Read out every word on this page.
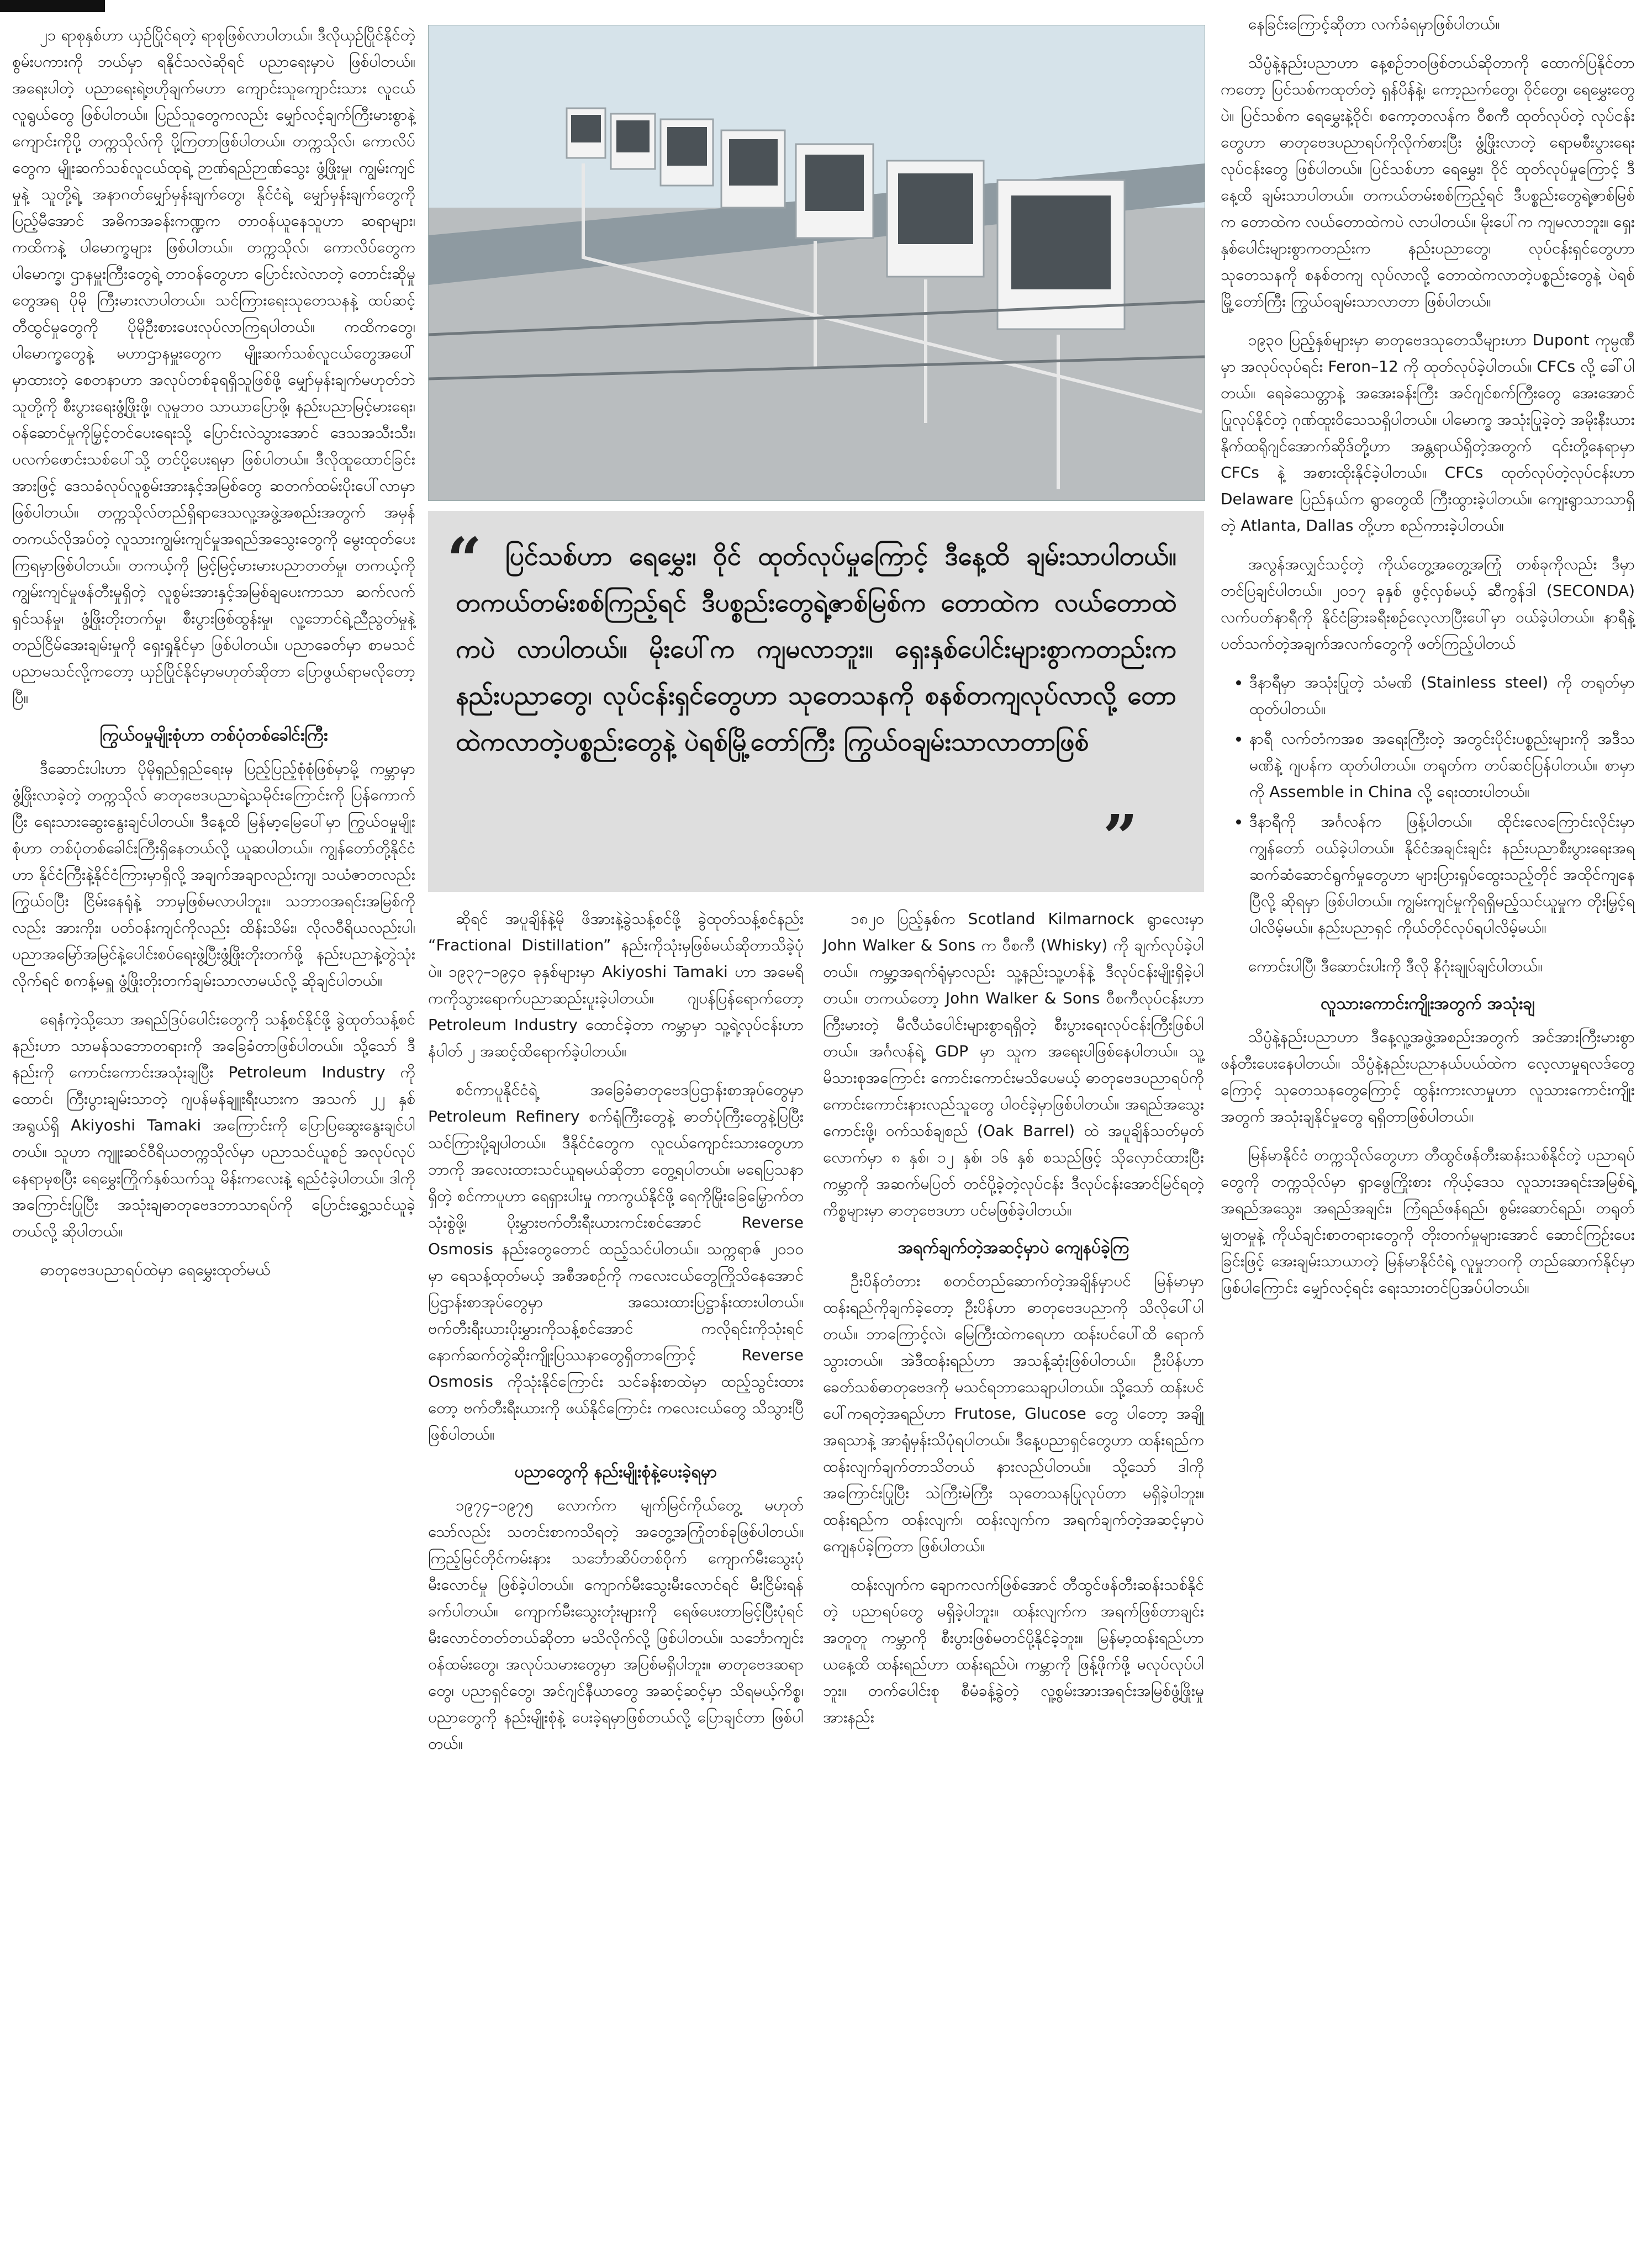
၂၁ ရာစုနှစ်ဟာ ယှဉ်ပြိုင်ရတဲ့ ရာစုဖြစ်လာပါတယ်။ ဒီလိုယှဉ်ပြိုင်နိုင်တဲ့ စွမ်းပကားကို ဘယ်မှာ ရနိုင်သလဲဆိုရင် ပညာရေးမှာပဲ ဖြစ်ပါတယ်။ အရေးပါတဲ့ ပညာရေးရဲ့ဗဟိုချက်မဟာ ကျောင်းသူကျောင်းသား လူငယ်လူရွယ်တွေ ဖြစ်ပါတယ်။ ပြည်သူတွေကလည်း မျှော်လင့်ချက်ကြီးမားစွာနဲ့ ကျောင်းကိုပို့ တက္ကသိုလ်ကို ပို့ကြတာဖြစ်ပါတယ်။ တက္ကသိုလ်၊ ကောလိပ်တွေက မျိုးဆက်သစ်လူငယ်ထုရဲ့ ဉာဏ်ရည်ဉာဏ်သွေး ဖွံ့ဖြိုးမှု၊ ကျွမ်းကျင်မှုနဲ့ သူတို့ရဲ့ အနာဂတ်မျှော်မှန်းချက်တွေ၊ နိုင်ငံရဲ့ မျှော်မှန်းချက်တွေကို ပြည့်မီအောင် အဓိကအခန်းကဏ္ဍက တာဝန်ယူနေသူဟာ ဆရာများ၊ ကထိကနဲ့ ပါမောက္ခများ ဖြစ်ပါတယ်။ တက္ကသိုလ်၊ ကောလိပ်တွေက ပါမောက္ခ၊ ဌာနမှူးကြီးတွေရဲ့ တာဝန်တွေဟာ ပြောင်းလဲလာတဲ့ တောင်းဆိုမှုတွေအရ ပိုမို ကြီးမားလာပါတယ်။ သင်ကြားရေးသုတေသနနဲ့ ထပ်ဆင့်တီထွင်မှုတွေကို ပိုမိုဦးစားပေးလုပ်လာကြရပါတယ်။ ကထိကတွေ၊ ပါမောက္ခတွေနဲ့ မဟာဌာနမှူးတွေက မျိုးဆက်သစ်လူငယ်တွေအပေါ်မှာထားတဲ့ စေတနာဟာ အလုပ်တစ်ခုရရှိသူဖြစ်ဖို့ မျှော်မှန်းချက်မဟုတ်ဘဲ သူတို့ကို စီးပွားရေးဖွံ့ဖြိုးဖို့၊ လူမှုဘဝ သာယာပြောဖို့၊ နည်းပညာမြင့်မားရေး၊ ဝန်ဆောင်မှုကိုမြှင့်တင်ပေးရေးသို့ ပြောင်းလဲသွားအောင် ဒေသအသီးသီး၊ ပလက်ဖောင်းသစ်ပေါ်သို့ တင်ပို့ပေးရမှာ ဖြစ်ပါတယ်။ ဒီလိုထူထောင်ခြင်းအားဖြင့် ဒေသခံလုပ်လူစွမ်းအားနှင့်အမြစ်တွေ ဆတက်ထမ်းပိုးပေါ်လာမှာဖြစ်ပါတယ်။ တက္ကသိုလ်တည်ရှိရာဒေသလူ့အဖွဲ့အစည်းအတွက် အမှန်တကယ်လိုအပ်တဲ့ လူသားကျွမ်းကျင်မှုအရည်အသွေးတွေကို မွေးထုတ်ပေးကြရမှာဖြစ်ပါတယ်။ တကယ့်ကို မြင့်မြင့်မားမားပညာတတ်မှု၊ တကယ့်ကို ကျွမ်းကျင်မှုဖန်တီးမှုရှိတဲ့ လူစွမ်းအားနှင့်အမြစ်ချပေးကာသာ ဆက်လက်ရှင်သန်မှု၊ ဖွံ့ဖြိုးတိုးတက်မှု၊ စီးပွားဖြစ်ထွန်းမှု၊ လူ့ဘောင်ရဲ့ညီညွတ်မှုနဲ့ တည်ငြိမ်အေးချမ်းမှုကို ရှေးရှုနိုင်မှာ ဖြစ်ပါတယ်။ ပညာခေတ်မှာ စာမသင်ပညာမသင်လို့ကတော့ ယှဉ်ပြိုင်နိုင်မှာမဟုတ်ဆိုတာ ပြောဖွယ်ရာမလိုတော့ပြီ။

ကြွယ်ဝမှုမျိုးစုံဟာ တစ်ပုံတစ်ခေါင်းကြီး

ဒီဆောင်းပါးဟာ ပိုမိုရှည်ရှည်ရေးမှ ပြည့်ပြည့်စုံစုံဖြစ်မှာမို့ ကမ္ဘာမှာ ဖွံ့ဖြိုးလာခဲ့တဲ့ တက္ကသိုလ် ဓာတုဗေဒပညာရဲ့သမိုင်းကြောင်းကို ပြန်ကောက်ပြီး ရေးသားဆွေးနွေးချင်ပါတယ်။ ဒီနေ့ထိ မြန်မာ့မြေပေါ်မှာ ကြွယ်ဝမှုမျိုးစုံဟာ တစ်ပုံတစ်ခေါင်းကြီးရှိနေတယ်လို့ ယူဆပါတယ်။ ကျွန်တော်တို့နိုင်ငံဟာ နိုင်ငံကြီးနဲ့နိုင်ငံကြားမှာရှိလို့ အချက်အချာလည်းကျ၊ သယံဇာတလည်းကြွယ်ဝပြီး ငြိမ်းနေရုံနဲ့ ဘာမှဖြစ်မလာပါဘူး။ သဘာဝအရင်းအမြစ်ကို လည်း အားကိုး၊ ပတ်ဝန်းကျင်ကိုလည်း ထိန်းသိမ်း၊ လိုလဝီရိယလည်းပါ၊ ပညာအမြော်အမြင်နဲ့ပေါင်းစပ်ရေးဖွဲ့ပြီးဖွံ့ဖြိုးတိုးတက်ဖို့ နည်းပညာနဲ့တွဲသုံးလိုက်ရင် စကန့်မရှူ ဖွံ့ဖြိုးတိုးတက်ချမ်းသာလာမယ်လို့ ဆိုချင်ပါတယ်။

ရေနံကဲ့သို့သော အရည်ဒြပ်ပေါင်းတွေကို သန့်စင်နိုင်ဖို့ ခွဲထုတ်သန့်စင်နည်းဟာ သာမန်သဘောတရားကို အခြေခံတာဖြစ်ပါတယ်။ သို့သော် ဒီနည်းကို ကောင်းကောင်းအသုံးချပြီး Petroleum Industry ကိုထောင်၊ ကြီးပွားချမ်းသာတဲ့ ဂျပန်မန်ချူးရီးယားက အသက် ၂၂ နှစ်အရွယ်ရှိ Akiyoshi Tamaki အကြောင်းကို ပြောပြဆွေးနွေးချင်ပါတယ်။ သူဟာ ကျူးဆင်ဝီရိယတက္ကသိုလ်မှာ ပညာသင်ယူစဉ် အလုပ်လုပ်နေရာမှစပြီး ရေမွှေးကြိုက်နှစ်သက်သူ မိန်းကလေးနဲ့ ရည်ငံခဲ့ပါတယ်။ ဒါကို အကြောင်းပြုပြီး အသုံးချဓာတုဗေဒဘာသာရပ်ကို ပြောင်းရွှေ့သင်ယူခဲ့တယ်လို့ ဆိုပါတယ်။

ဓာတုဗေဒပညာရပ်ထဲမှာ ရေမွှေးထုတ်မယ်

“ ပြင်သစ်ဟာ ရေမွှေး၊ ဝိုင် ထုတ်လုပ်မှုကြောင့် ဒီနေ့ထိ ချမ်းသာပါတယ်။ တကယ်တမ်းစစ်ကြည့်ရင် ဒီပစ္စည်းတွေရဲ့ဇာစ်မြစ်က တောထဲက လယ်တောထဲကပဲ လာပါတယ်။ မိုးပေါ်က ကျမလာဘူး။ ရှေးနှစ်ပေါင်းများစွာကတည်းက နည်းပညာတွေ၊ လုပ်ငန်းရှင်တွေဟာ သုတေသနကို စနစ်တကျလုပ်လာလို့ တောထဲကလာတဲ့ပစ္စည်းတွေနဲ့ ပဲရစ်မြို့တော်ကြီး ကြွယ်ဝချမ်းသာလာတာဖြစ်

”

ဆိုရင် အပူချိန်နဲ့မို ဖိအားနဲ့ခွဲသန့်စင်ဖို့ ခွဲထုတ်သန့်စင်နည်း “Fractional Distillation” နည်းကိုသုံးမှဖြစ်မယ်ဆိုတာသိခဲ့ပုံပဲ။ ၁၉၃၇–၁၉၄၀ ခုနှစ်များမှာ Akiyoshi Tamaki ဟာ အမေရိကကိုသွားရောက်ပညာဆည်းပူးခဲ့ပါတယ်။ ဂျပန်ပြန်ရောက်တော့ Petroleum Industry ထောင်ခဲ့တာ ကမ္ဘာမှာ သူ့ရဲ့လုပ်ငန်းဟာ နံပါတ် ၂ အဆင့်ထိရောက်ခဲ့ပါတယ်။

စင်ကာပူနိုင်ငံရဲ့ အခြေခံဓာတုဗေဒပြဌာန်းစာအုပ်တွေမှာ Petroleum Refinery စက်ရုံကြီးတွေနဲ့ ဓာတ်ပုံကြီးတွေနဲ့ပြပြီး သင်ကြားပို့ချပါတယ်။ ဒီနိုင်ငံတွေက လူငယ်ကျောင်းသားတွေဟာ ဘာကို အလေးထားသင်ယူရမယ်ဆိုတာ တွေ့ရပါတယ်။ မရေပြသနာရှိတဲ့ စင်ကာပူဟာ ရေရှားပါးမှု ကာကွယ်နိုင်ဖို့ ရေကိုမြိုးခြေမြှောက်တသုံးစွဲဖို့၊ ပိုးမွှားဗက်တီးရီးယားကင်းစင်အောင် Reverse Osmosis နည်းတွေတောင် ထည့်သင်ပါတယ်။ သက္ကရာဇ် ၂၀၁၀ မှာ ရေသန့်ထုတ်မယ့် အစီအစဉ်ကို ကလေးငယ်တွေကြိုသိနေအောင် ပြဌာန်းစာအုပ်တွေမှာ အသေးထားပြဋ္ဌာန်းထားပါတယ်။ ဗက်တီးရီးယားပိုးမွှားကိုသန့်စင်အောင် ကလိုရင်းကိုသုံးရင် နောက်ဆက်တွဲဆိုးကျိုးပြဿနာတွေရှိတာကြောင့် Reverse Osmosis ကိုသုံးနိုင်ကြောင်း သင်ခန်းစာထဲမှာ ထည့်သွင်းထားတော့ ဗက်တီးရီးယားကို ဖယ်နိုင်ကြောင်း ကလေးငယ်တွေ သိသွားပြီဖြစ်ပါတယ်။

ပညာတွေကို နည်းမျိုးစုံနဲ့ပေးခဲ့ရမှာ

၁၉၇၄–၁၉၇၅ လောက်က မျက်မြင်ကိုယ်တွေ့ မဟုတ်သော်လည်း သတင်းစာကသိရတဲ့ အတွေ့အကြုံတစ်ခုဖြစ်ပါတယ်။ ကြည့်မြင်တိုင်ကမ်းနား သင်္ဘောဆိပ်တစ်ဝိုက် ကျောက်မီးသွေးပုံ မီးလောင်မှု ဖြစ်ခဲ့ပါတယ်။ ကျောက်မီးသွေးမီးလောင်ရင် မီးငြိမ်းရန် ခက်ပါတယ်။ ကျောက်မီးသွေးတုံးများကို ရေဖ်ပေးတာမြင့်ပြီးပုံရင် မီးလောင်တတ်တယ်ဆိုတာ မသိလိုက်လို့ ဖြစ်ပါတယ်။ သင်္ဘောကျင်းဝန်ထမ်းတွေ၊ အလုပ်သမားတွေမှာ အပြစ်မရှိပါဘူး။ ဓာတုဗေဒဆရာတွေ၊ ပညာရှင်တွေ၊ အင်ဂျင်နီယာတွေ အဆင့်ဆင့်မှာ သိရမယ့်ကိစ္စ၊ ပညာတွေကို နည်းမျိုးစုံနဲ့ ပေးခဲ့ရမှာဖြစ်တယ်လို့ ပြောချင်တာ ဖြစ်ပါတယ်။

၁၈၂၀ ပြည့်နှစ်က Scotland Kilmarnock ရွာလေးမှာ John Walker & Sons က ဝီစကီ (Whisky) ကို ချက်လုပ်ခဲ့ပါတယ်။ ကမ္ဘာ့အရက်ရုံမှာလည်း သူ့နည်းသူ့ဟန်နဲ့ ဒီလုပ်ငန်းမျိုးရှိခဲ့ပါတယ်။ တကယ်တော့ John Walker & Sons ဝီစကီလုပ်ငန်းဟာ ကြီးမားတဲ့ မီလီယံပေါင်းများစွာရရှိတဲ့ စီးပွားရေးလုပ်ငန်းကြီးဖြစ်ပါတယ်။ အင်္ဂလန်ရဲ့ GDP မှာ သူက အရေးပါဖြစ်နေပါတယ်။ သူ့မိသားစုအကြောင်း ကောင်းကောင်းမသိပေမယ့် ဓာတုဗေဒပညာရပ်ကို ကောင်းကောင်းနားလည်သူတွေ ပါဝင်ခဲ့မှာဖြစ်ပါတယ်။ အရည်အသွေးကောင်းဖို့၊ ဝက်သစ်ချစည် (Oak Barrel) ထဲ အပူချိန်သတ်မှတ်လောက်မှာ ၈ နှစ်၊ ၁၂ နှစ်၊ ၁၆ နှစ် စသည်ဖြင့် သိုလှောင်ထားပြီး ကမ္ဘာကို အဆက်မပြတ် တင်ပို့ခဲ့တဲ့လုပ်ငန်း ဒီလုပ်ငန်းအောင်မြင်ရတဲ့ကိစ္စများမှာ ဓာတုဗေဒဟာ ပင်မဖြစ်ခဲ့ပါတယ်။

အရက်ချက်တဲ့အဆင့်မှာပဲ ကျေနပ်ခဲ့ကြ

ဦးပိန်တံတား စတင်တည်ဆောက်တဲ့အချိန်မှာပင် မြန်မာမှာ ထန်းရည်ကိုချက်ခဲ့တော့ ဦးပိန်ဟာ ဓာတုဗေဒပညာကို သိလိုပေါ်ပါတယ်။ ဘာကြောင့်လဲ၊ မြေကြီးထဲကရေဟာ ထန်းပင်ပေါ်ထိ ရောက်သွားတယ်။ အဲဒီထန်းရည်ဟာ အသန့်ဆုံးဖြစ်ပါတယ်။ ဦးပိန်ဟာ ခေတ်သစ်ဓာတုဗေဒကို မသင်ရဘာသေချာပါတယ်။ သို့သော် ထန်းပင်ပေါ်ကရတဲ့အရည်ဟာ Frutose, Glucose တွေ ပါတော့ အချိုအရသာနဲ့ အာရုံမှန်းသိပုံရပါတယ်။ ဒီနေ့ပညာရှင်တွေဟာ ထန်းရည်က ထန်းလျက်ချက်တာသိတယ် နားလည်ပါတယ်။ သို့သော် ဒါကိုအကြောင်းပြုပြီး သဲကြီးမဲကြီး သုတေသနပြုလုပ်တာ မရှိခဲ့ပါဘူး။ ထန်းရည်က ထန်းလျက်၊ ထန်းလျက်က အရက်ချက်တဲ့အဆင့်မှာပဲ ကျေနပ်ခဲ့ကြတာ ဖြစ်ပါတယ်။

ထန်းလျက်က ချောကလက်ဖြစ်အောင် တီထွင်ဖန်တီးဆန်းသစ်နိုင်တဲ့ ပညာရပ်တွေ မရှိခဲ့ပါဘူး။ ထန်းလျက်က အရက်ဖြစ်တာချင်းအတူတူ ကမ္ဘာကို စီးပွားဖြစ်မတင်ပို့နိုင်ခဲ့ဘူး။ မြန်မာ့ထန်းရည်ဟာ ယနေ့ထိ ထန်းရည်ဟာ ထန်းရည်ပဲ၊ ကမ္ဘာကို ဖြန့်ဖိုက်ဖို့ မလုပ်လုပ်ပါဘူး။ တက်ပေါင်းစု စီမံခန့်ခွဲတဲ့ လူ့စွမ်းအားအရင်းအမြစ်ဖွံ့ဖြိုးမှု အားနည်း

နေခြင်းကြောင့်ဆိုတာ လက်ခံရမှာဖြစ်ပါတယ်။

သိပ္ပံနဲ့နည်းပညာဟာ နေ့စဉ်ဘဝဖြစ်တယ်ဆိုတာကို ထောက်ပြနိုင်တာကတော့ ပြင်သစ်ကထုတ်တဲ့ ရှန်ပိန်နဲ့၊ ကော့ညက်တွေ၊ ဝိုင်တွေ၊ ရေမွှေးတွေပဲ။ ပြင်သစ်က ရေမွှေးနဲ့ဝိုင်၊ စကော့တလန်က ဝီစကီ ထုတ်လုပ်တဲ့ လုပ်ငန်းတွေဟာ ဓာတုဗေဒပညာရပ်ကိုလိုက်စားပြီး ဖွံ့ဖြိုးလာတဲ့ ရောမစီးပွားရေးလုပ်ငန်းတွေ ဖြစ်ပါတယ်။ ပြင်သစ်ဟာ ရေမွှေး၊ ဝိုင် ထုတ်လုပ်မှုကြောင့် ဒီနေ့ထိ ချမ်းသာပါတယ်။ တကယ်တမ်းစစ်ကြည့်ရင် ဒီပစ္စည်းတွေရဲ့ဇာစ်မြစ်က တောထဲက လယ်တောထဲကပဲ လာပါတယ်။ မိုးပေါ်က ကျမလာဘူး။ ရှေးနှစ်ပေါင်းများစွာကတည်းက နည်းပညာတွေ၊ လုပ်ငန်းရှင်တွေဟာ သုတေသနကို စနစ်တကျ လုပ်လာလို့ တောထဲကလာတဲ့ပစ္စည်းတွေနဲ့ ပဲရစ်မြို့တော်ကြီး ကြွယ်ဝချမ်းသာလာတာ ဖြစ်ပါတယ်။

၁၉၃၀ ပြည့်နှစ်များမှာ ဓာတုဗေဒသုတေသီများဟာ Dupont ကုမ္ပဏီမှာ အလုပ်လုပ်ရင်း Feron–12 ကို ထုတ်လုပ်ခဲ့ပါတယ်။ CFCs လို့ ခေါ်ပါတယ်။ ရေခဲသေတ္တာနဲ့ အအေးခန်းကြီး အင်ဂျင်စက်ကြီးတွေ အေးအောင်ပြုလုပ်နိုင်တဲ့ ဂုဏ်ထူးဝိသေသရှိပါတယ်။ ပါမောက္ခ အသုံးပြုခဲ့တဲ့ အမိုးနီးယားနိုက်ထရိုဂျင်အောက်ဆိုဒ်တို့ဟာ အန္တရာယ်ရှိတဲ့အတွက် ၎င်းတို့နေရာမှာ CFCs နဲ့ အစားထိုးနိုင်ခဲ့ပါတယ်။ CFCs ထုတ်လုပ်တဲ့လုပ်ငန်းဟာ Delaware ပြည်နယ်က ရွာတွေထိ ကြီးထွားခဲ့ပါတယ်။ ကျေးရွာသာသာရှိတဲ့ Atlanta, Dallas တို့ဟာ စည်ကားခဲ့ပါတယ်။

အလွန်အလျှင်သင့်တဲ့ ကိုယ်တွေ့အတွေ့အကြုံ တစ်ခုကိုလည်း ဒီမှာတင်ပြချင်ပါတယ်။ ၂၀၁၇ ခုနှစ် ဖွင့်လှစ်မယ့် ဆီကွန်ဒါ (SECONDA) လက်ပတ်နာရီကို နိုင်ငံခြားခရီးစဉ်လေ့လာပြီးပေါ်မှာ ဝယ်ခဲ့ပါတယ်။ နာရီနဲ့ပတ်သက်တဲ့အချက်အလက်တွေကို ဖတ်ကြည့်ပါတယ်

• ဒီနာရီမှာ အသုံးပြုတဲ့ သံမဏိ (Stainless steel) ကို တရုတ်မှာ ထုတ်ပါတယ်။
• နာရီ လက်တံကအစ အရေးကြီးတဲ့ အတွင်းပိုင်းပစ္စည်းများကို အဒီသမဏိနဲ့ ဂျပန်က ထုတ်ပါတယ်။ တရုတ်က တပ်ဆင်ပြန်ပါတယ်။ စာမှာကို Assemble in China လို့ ရေးထားပါတယ်။
• ဒီနာရီကို အင်္ဂလန်က ဖြန့်ပါတယ်။ ထိုင်းလေကြောင်းလိုင်းမှာ ကျွန်တော် ဝယ်ခဲ့ပါတယ်။ နိုင်ငံအချင်းချင်း နည်းပညာစီးပွားရေးအရ ဆက်ဆံဆောင်ရွက်မှုတွေဟာ များပြားရှုပ်ထွေးသည့်တိုင် အထိုင်ကျနေပြီလို့ ဆိုရမှာ ဖြစ်ပါတယ်။ ကျွမ်းကျင်မှုကိုရရှိမည့်သင်ယူမှုက တိုးမြှင့်ရပါလိမ့်မယ်။ နည်းပညာရှင် ကိုယ်တိုင်လုပ်ရပါလိမ့်မယ်။

ကောင်းပါပြီ၊ ဒီဆောင်းပါးကို ဒီလို နိဂုံးချုပ်ချင်ပါတယ်။

လူသားကောင်းကျိုးအတွက် အသုံးချ

သိပ္ပံနဲ့နည်းပညာဟာ ဒီနေ့လူ့အဖွဲ့အစည်းအတွက် အင်အားကြီးမားစွာ ဖန်တီးပေးနေပါတယ်။ သိပ္ပံနဲ့နည်းပညာနယ်ပယ်ထဲက လေ့လာမှုရလဒ်တွေကြောင့် သုတေသနတွေကြောင့် ထွန်းကားလာမှုဟာ လူသားကောင်းကျိုးအတွက် အသုံးချနိုင်မှုတွေ ရရှိတာဖြစ်ပါတယ်။

မြန်မာနိုင်ငံ တက္ကသိုလ်တွေဟာ တီထွင်ဖန်တီးဆန်းသစ်နိုင်တဲ့ ပညာရပ်တွေကို တက္ကသိုလ်မှာ ရှာဖွေကြိုးစား ကိုယ့်ဒေသ လူသားအရင်းအမြစ်ရဲ့ အရည်အသွေး၊ အရည်အချင်း၊ ကြံရည်ဖန်ရည်၊ စွမ်းဆောင်ရည်၊ တရုတ်မျှတမှုနဲ့ ကိုယ်ချင်းစာတရားတွေကို တိုးတက်မှုများအောင် ဆောင်ကြဉ်းပေးခြင်းဖြင့် အေးချမ်းသာယာတဲ့ မြန်မာနိုင်ငံရဲ့ လူမှုဘဝကို တည်ဆောက်နိုင်မှာဖြစ်ပါကြောင်း မျှော်လင့်ရင်း ရေးသားတင်ပြအပ်ပါတယ်။
